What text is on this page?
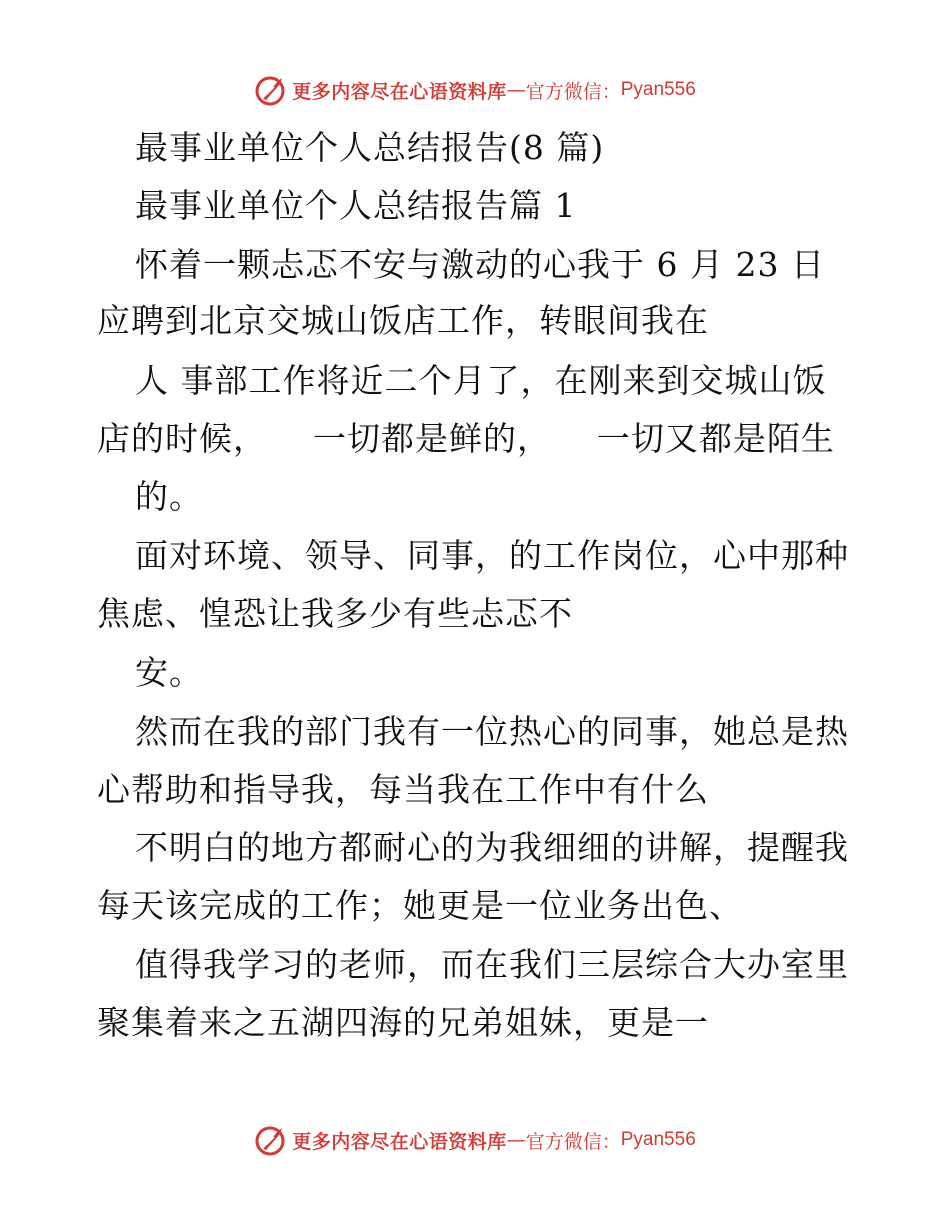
更多内容尽在心语资料库 — 官方微信： Pyan556
最事业单位个人总结报告(8 篇)
最事业单位个人总结报告篇 1
怀着一颗忐忑不安与激动的心我于 6 月 23 日
应聘到北京交城山饭店工作，转眼间我在
人 事部工作将近二个月了，在刚来到交城山饭
店的时候，    一切都是鲜的，    一切又都是陌生
的。
面对环境、领导、同事，的工作岗位，心中那种
焦虑、惶恐让我多少有些忐忑不
安。
然而在我的部门我有一位热心的同事，她总是热
心帮助和指导我，每当我在工作中有什么
不明白的地方都耐心的为我细细的讲解，提醒我
每天该完成的工作；她更是一位业务出色、
值得我学习的老师，而在我们三层综合大办室里
聚集着来之五湖四海的兄弟姐妹，更是一
更多内容尽在心语资料库 — 官方微信： Pyan556
